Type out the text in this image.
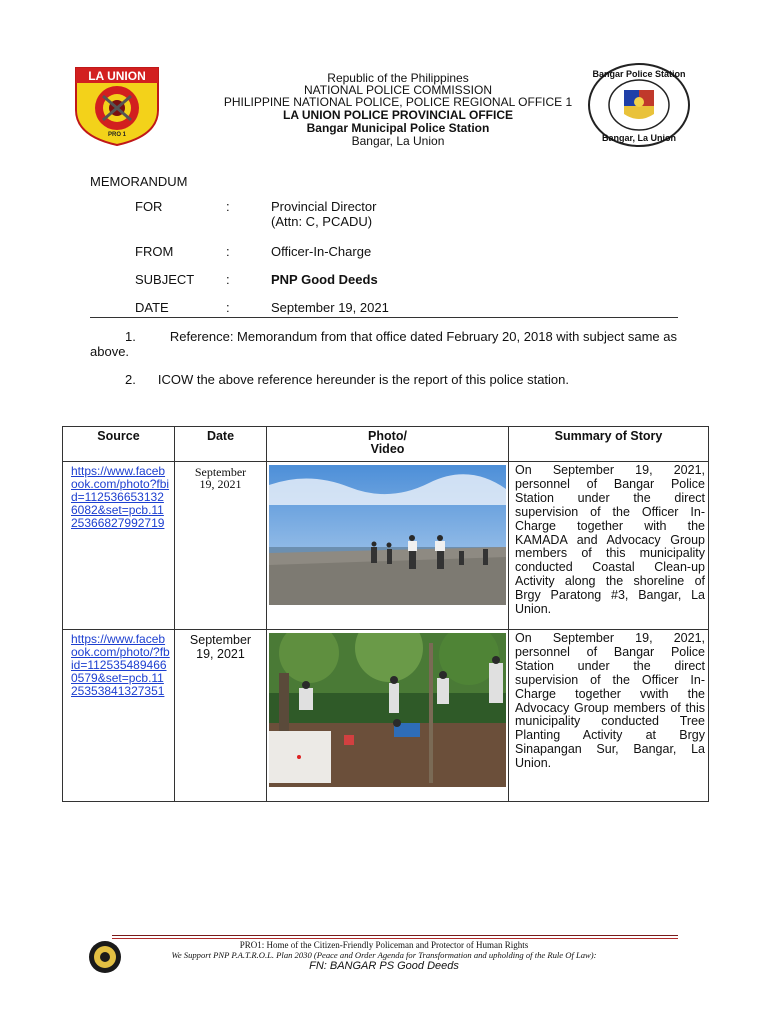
LA UNION
PRO 1
Bangar Police Station
Bangar, La Union
Republic of the Philippines
NATIONAL POLICE COMMISSION
PHILIPPINE NATIONAL POLICE, POLICE REGIONAL OFFICE 1
LA UNION POLICE PROVINCIAL OFFICE
Bangar Municipal Police Station
Bangar, La Union
MEMORANDUM
FOR	:	Provincial Director
(Attn: C, PCADU)
FROM	:	Officer-In-Charge
SUBJECT :	PNP Good Deeds
DATE	:	September 19, 2021
1.	Reference: Memorandum from that office dated February 20, 2018 with subject same as above.
2. ICOW the above reference hereunder is the report of this police station.
Source	Date	Photo/ Video	Summary of Story
https://www.facebook.com/photo?fbid=1125366531326082&set=pcb.1125366827992719	September 19, 2021		On September 19, 2021, personnel of Bangar Police Station under the direct supervision of the Officer In-Charge together with the KAMADA and Advocacy Group members of this municipality conducted Coastal Clean-up Activity along the shoreline of Brgy Paratong #3, Bangar, La Union.
https://www.facebook.com/photo/?fbid=1125354894660579&set=pcb.1125353841327351	September 19, 2021		On September 19, 2021, personnel of Bangar Police Station under the direct supervision of the Officer In-Charge together vwith the Advocacy Group members of this municipality conducted Tree Planting Activity at Brgy Sinapangan Sur, Bangar, La Union.
PRO1: Home of the Citizen-Friendly Policeman and Protector of Human Rights
We Support PNP P.A.T.R.O.L. Plan 2030 (Peace and Order Agenda for Transformation and upholding of the Rule Of Law):
FN: BANGAR PS Good Deeds
